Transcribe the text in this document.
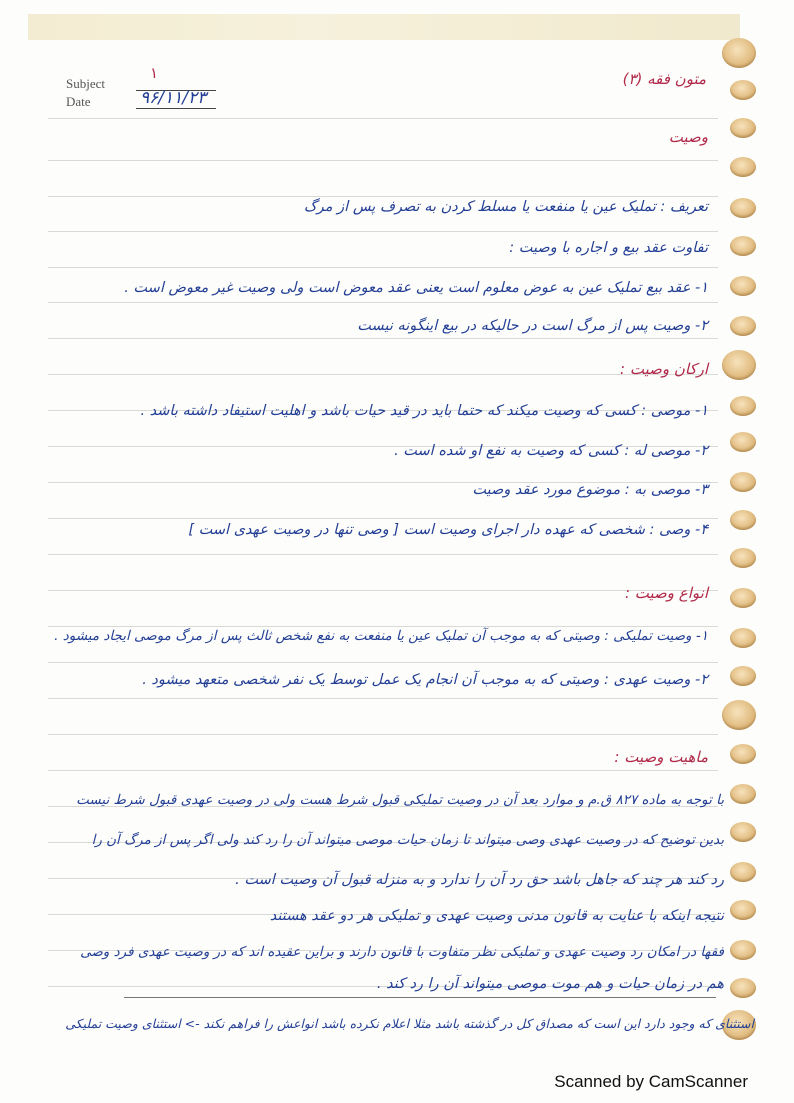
Subject
Date
۱
۹۶/۱۱/۲۳
متون فقه (۳)
وصیت
تعریف : تملیک عین یا منفعت یا مسلط کردن به تصرف پس از مرگ
تفاوت عقد بیع و اجاره با وصیت :
۱- عقد بیع تملیک عین به عوض معلوم است یعنی عقد معوض است ولی وصیت غیر معوض است .
۲- وصیت پس از مرگ است در حالیکه در بیع اینگونه نیست
ارکان وصیت :
۱- موصی : کسی که وصیت میکند که حتما باید در قید حیات باشد و اهلیت استیفاد داشته باشد .
۲- موصی له : کسی که وصیت به نفع او شده است .
۳- موصی به : موضوع مورد عقد وصیت
۴- وصی : شخصی که عهده دار اجرای وصیت است [ وصی تنها در وصیت عهدی است ]
انواع وصیت :
۱- وصیت تملیکی : وصیتی که به موجب آن تملیک عین یا منفعت به نفع شخص ثالث پس از مرگ موصی ایجاد میشود .
۲- وصیت عهدی : وصیتی که به موجب آن انجام یک عمل توسط یک نفر شخصی متعهد میشود .
ماهیت وصیت :
با توجه به ماده ۸۲۷ ق.م و موارد بعد آن در وصیت تملیکی قبول شرط هست ولی در وصیت عهدی قبول شرط نیست
بدین توضیح که در وصیت عهدی وصی میتواند تا زمان حیات موصی میتواند آن را رد کند ولی اگر پس از مرگ آن را
رد کند هر چند که جاهل باشد حق رد آن را ندارد و به منزله قبول آن وصیت است .
نتیجه اینکه با عنایت به قانون مدنی وصیت عهدی و تملیکی هر دو عقد هستند
فقها در امکان رد وصیت عهدی و تملیکی نظر متفاوت با قانون دارند و براین عقیده اند که در وصیت عهدی فرد وصی
هم در زمان حیات و هم موت موصی میتواند آن را رد کند .
استثنای که وجود دارد این است که مصداق کل در گذشته باشد مثلا اعلام نکرده باشد انواعش را فراهم نکند -> استثنای وصیت تملیکی
Scanned by CamScanner
